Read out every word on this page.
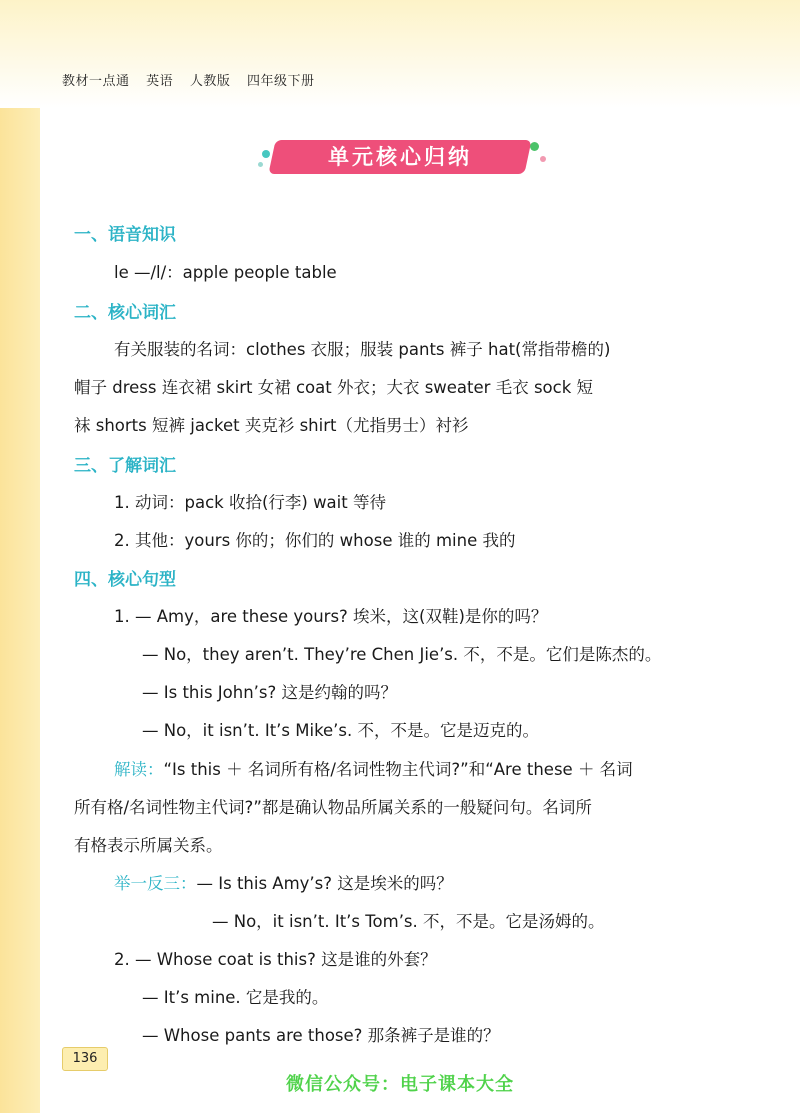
教材一点通 英语 人教版 四年级下册
单元核心归纳
一、语音知识
le —/l/：apple people table
二、核心词汇
有关服装的名词：clothes 衣服；服装 pants 裤子 hat(常指带檐的)
帽子 dress 连衣裙 skirt 女裙 coat 外衣；大衣 sweater 毛衣 sock 短
袜 shorts 短裤 jacket 夹克衫 shirt（尤指男士）衬衫
三、了解词汇
1. 动词：pack 收拾(行李) wait 等待
2. 其他：yours 你的；你们的 whose 谁的 mine 我的
四、核心句型
1. — Amy，are these yours? 埃米，这(双鞋)是你的吗？
— No，they aren’t. They’re Chen Jie’s. 不，不是。它们是陈杰的。
— Is this John’s? 这是约翰的吗？
— No，it isn’t. It’s Mike’s. 不，不是。它是迈克的。
解读：“Is this ＋ 名词所有格/名词性物主代词?”和“Are these ＋ 名词
所有格/名词性物主代词?”都是确认物品所属关系的一般疑问句。名词所
有格表示所属关系。
举一反三：— Is this Amy’s? 这是埃米的吗？
— No，it isn’t. It’s Tom’s. 不，不是。它是汤姆的。
2. — Whose coat is this? 这是谁的外套？
— It’s mine. 它是我的。
— Whose pants are those? 那条裤子是谁的？
136
微信公众号：电子课本大全
